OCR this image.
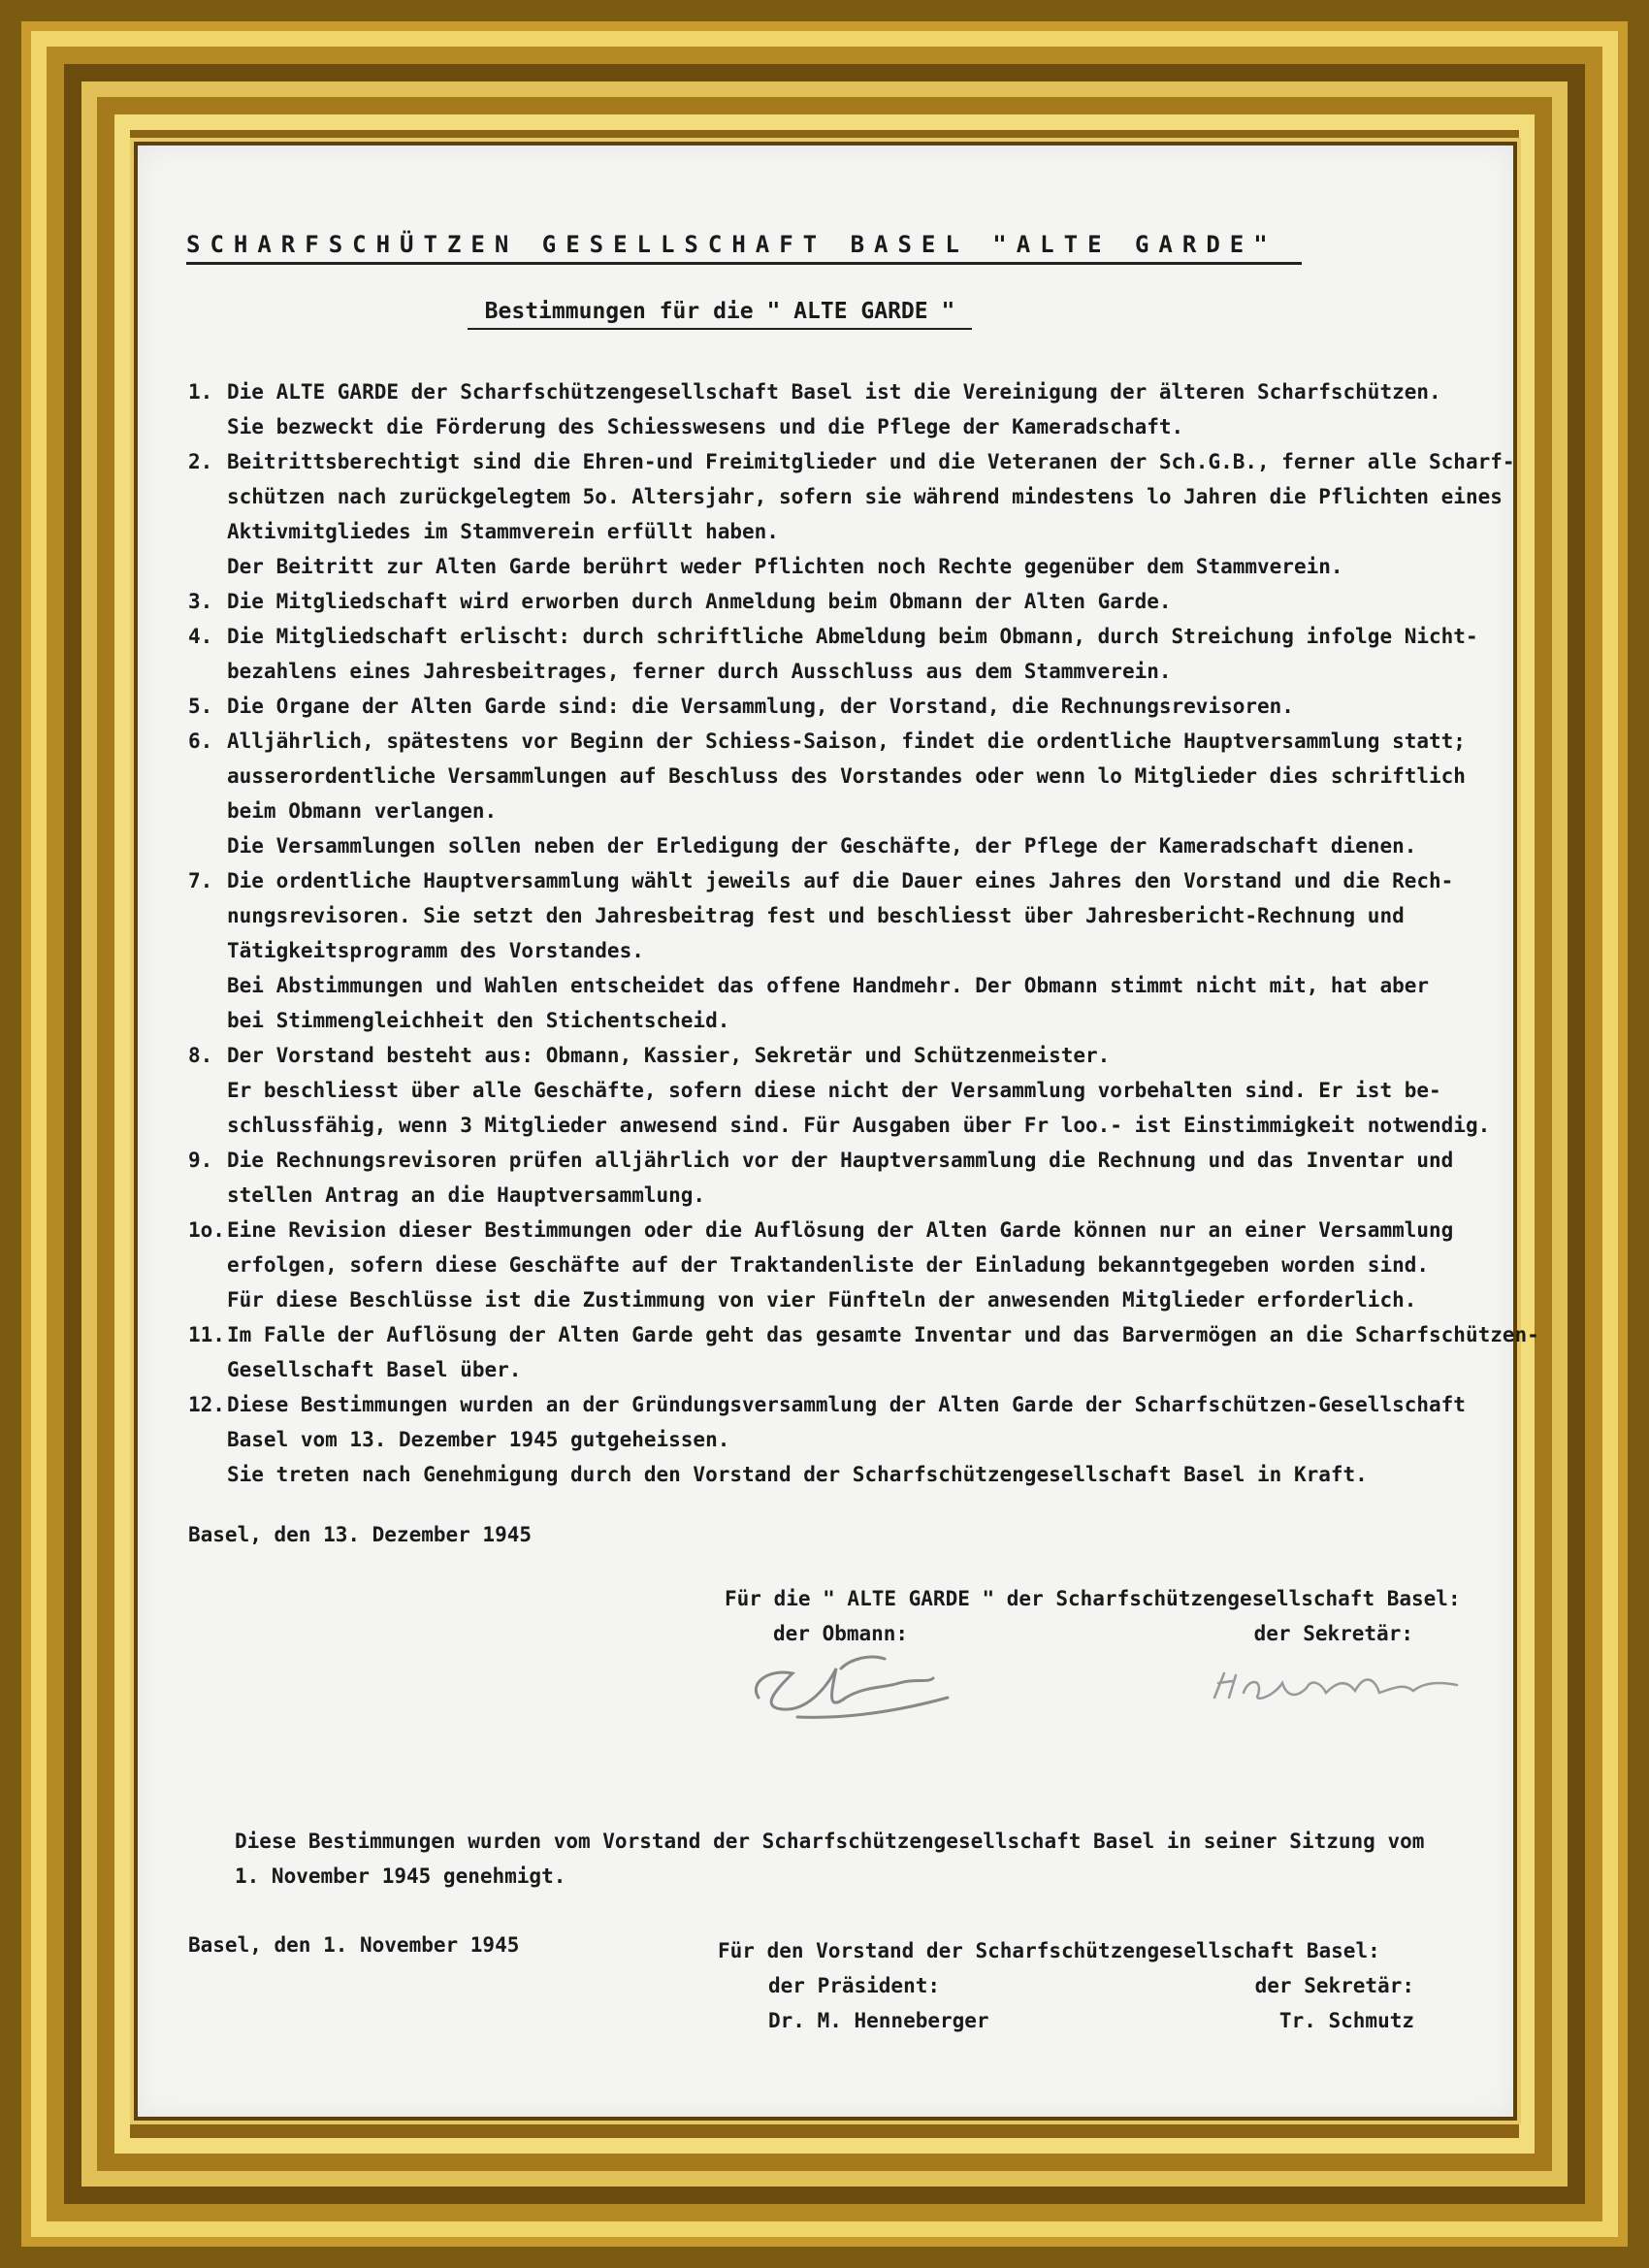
SCHARFSCHÜTZEN GESELLSCHAFT BASEL "ALTE GARDE"
Bestimmungen für die " ALTE GARDE "
1. Die ALTE GARDE der Scharfschützengesellschaft Basel ist die Vereinigung der älteren Scharfschützen.
Sie bezweckt die Förderung des Schiesswesens und die Pflege der Kameradschaft.
2. Beitrittsberechtigt sind die Ehren-und Freimitglieder und die Veteranen der Sch.G.B., ferner alle Scharf-
schützen nach zurückgelegtem 5o. Altersjahr, sofern sie während mindestens lo Jahren die Pflichten eines
Aktivmitgliedes im Stammverein erfüllt haben.
Der Beitritt zur Alten Garde berührt weder Pflichten noch Rechte gegenüber dem Stammverein.
3. Die Mitgliedschaft wird erworben durch Anmeldung beim Obmann der Alten Garde.
4. Die Mitgliedschaft erlischt: durch schriftliche Abmeldung beim Obmann, durch Streichung infolge Nicht-
bezahlens eines Jahresbeitrages, ferner durch Ausschluss aus dem Stammverein.
5. Die Organe der Alten Garde sind: die Versammlung, der Vorstand, die Rechnungsrevisoren.
6. Alljährlich, spätestens vor Beginn der Schiess-Saison, findet die ordentliche Hauptversammlung statt;
ausserordentliche Versammlungen auf Beschluss des Vorstandes oder wenn lo Mitglieder dies schriftlich
beim Obmann verlangen.
Die Versammlungen sollen neben der Erledigung der Geschäfte, der Pflege der Kameradschaft dienen.
7. Die ordentliche Hauptversammlung wählt jeweils auf die Dauer eines Jahres den Vorstand und die Rech-
nungsrevisoren. Sie setzt den Jahresbeitrag fest und beschliesst über Jahresbericht-Rechnung und
Tätigkeitsprogramm des Vorstandes.
Bei Abstimmungen und Wahlen entscheidet das offene Handmehr. Der Obmann stimmt nicht mit, hat aber
bei Stimmengleichheit den Stichentscheid.
8. Der Vorstand besteht aus: Obmann, Kassier, Sekretär und Schützenmeister.
Er beschliesst über alle Geschäfte, sofern diese nicht der Versammlung vorbehalten sind. Er ist be-
schlussfähig, wenn 3 Mitglieder anwesend sind. Für Ausgaben über Fr loo.- ist Einstimmigkeit notwendig.
9. Die Rechnungsrevisoren prüfen alljährlich vor der Hauptversammlung die Rechnung und das Inventar und
stellen Antrag an die Hauptversammlung.
1o. Eine Revision dieser Bestimmungen oder die Auflösung der Alten Garde können nur an einer Versammlung
erfolgen, sofern diese Geschäfte auf der Traktandenliste der Einladung bekanntgegeben worden sind.
Für diese Beschlüsse ist die Zustimmung von vier Fünfteln der anwesenden Mitglieder erforderlich.
11. Im Falle der Auflösung der Alten Garde geht das gesamte Inventar und das Barvermögen an die Scharfschützen-
Gesellschaft Basel über.
12. Diese Bestimmungen wurden an der Gründungsversammlung der Alten Garde der Scharfschützen-Gesellschaft
Basel vom 13. Dezember 1945 gutgeheissen.
Sie treten nach Genehmigung durch den Vorstand der Scharfschützengesellschaft Basel in Kraft.
Basel, den 13. Dezember 1945
Für die " ALTE GARDE " der Scharfschützengesellschaft Basel:
der Obmann:	der Sekretär:
Diese Bestimmungen wurden vom Vorstand der Scharfschützengesellschaft Basel in seiner Sitzung vom
1. November 1945 genehmigt.
Basel, den 1. November 1945	Für den Vorstand der Scharfschützengesellschaft Basel:
der Präsident:	der Sekretär:
Dr. M. Henneberger	Tr. Schmutz
